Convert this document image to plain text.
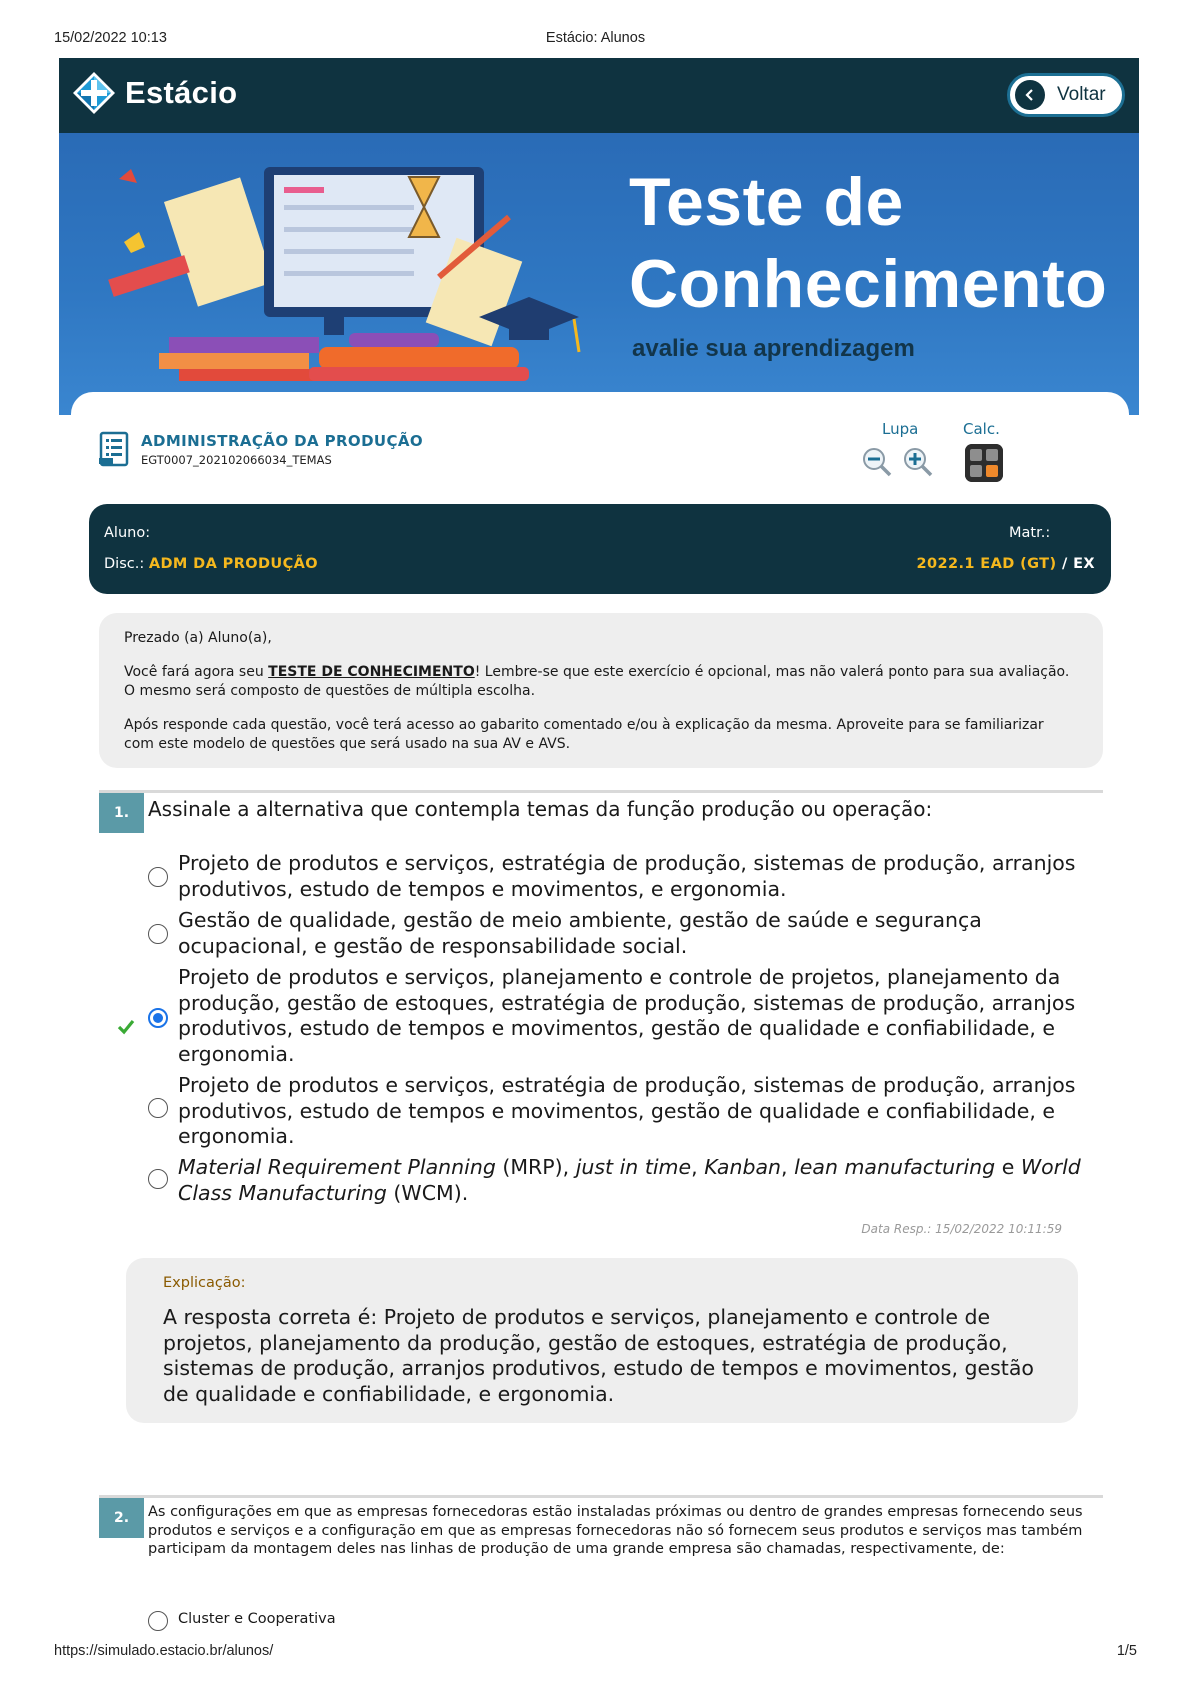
15/02/2022 10:13	Estácio: Alunos
Estácio	Voltar
Teste de
Conhecimento
avalie sua aprendizagem
ADMINISTRAÇÃO DA PRODUÇÃO
EGT0007_202102066034_TEMAS
Lupa	Calc.
Aluno:
Disc.: ADM DA PRODUÇÃO
Matr.:
2022.1 EAD (GT) / EX

Prezado (a) Aluno(a),

Você fará agora seu TESTE DE CONHECIMENTO! Lembre-se que este exercício é opcional, mas não valerá ponto para sua avaliação. O mesmo será composto de questões de múltipla escolha.

Após responde cada questão, você terá acesso ao gabarito comentado e/ou à explicação da mesma. Aproveite para se familiarizar com este modelo de questões que será usado na sua AV e AVS.

1. Assinale a alternativa que contempla temas da função produção ou operação:
Projeto de produtos e serviços, estratégia de produção, sistemas de produção, arranjos produtivos, estudo de tempos e movimentos, e ergonomia.
Gestão de qualidade, gestão de meio ambiente, gestão de saúde e segurança ocupacional, e gestão de responsabilidade social.
Projeto de produtos e serviços, planejamento e controle de projetos, planejamento da produção, gestão de estoques, estratégia de produção, sistemas de produção, arranjos produtivos, estudo de tempos e movimentos, gestão de qualidade e confiabilidade, e ergonomia.
Projeto de produtos e serviços, estratégia de produção, sistemas de produção, arranjos produtivos, estudo de tempos e movimentos, gestão de qualidade e confiabilidade, e ergonomia.
Material Requirement Planning (MRP), just in time, Kanban, lean manufacturing e World Class Manufacturing (WCM).
Data Resp.: 15/02/2022 10:11:59
Explicação:
A resposta correta é: Projeto de produtos e serviços, planejamento e controle de projetos, planejamento da produção, gestão de estoques, estratégia de produção, sistemas de produção, arranjos produtivos, estudo de tempos e movimentos, gestão de qualidade e confiabilidade, e ergonomia.
2.	As configurações em que as empresas fornecedoras estão instaladas próximas ou dentro de grandes empresas fornecendo seus produtos e serviços e a configuração em que as empresas fornecedoras não só fornecem seus produtos e serviços mas também participam da montagem deles nas linhas de produção de uma grande empresa são chamadas, respectivamente, de:
Cluster e Cooperativa
https://simulado.estacio.br/alunos/	1/5
